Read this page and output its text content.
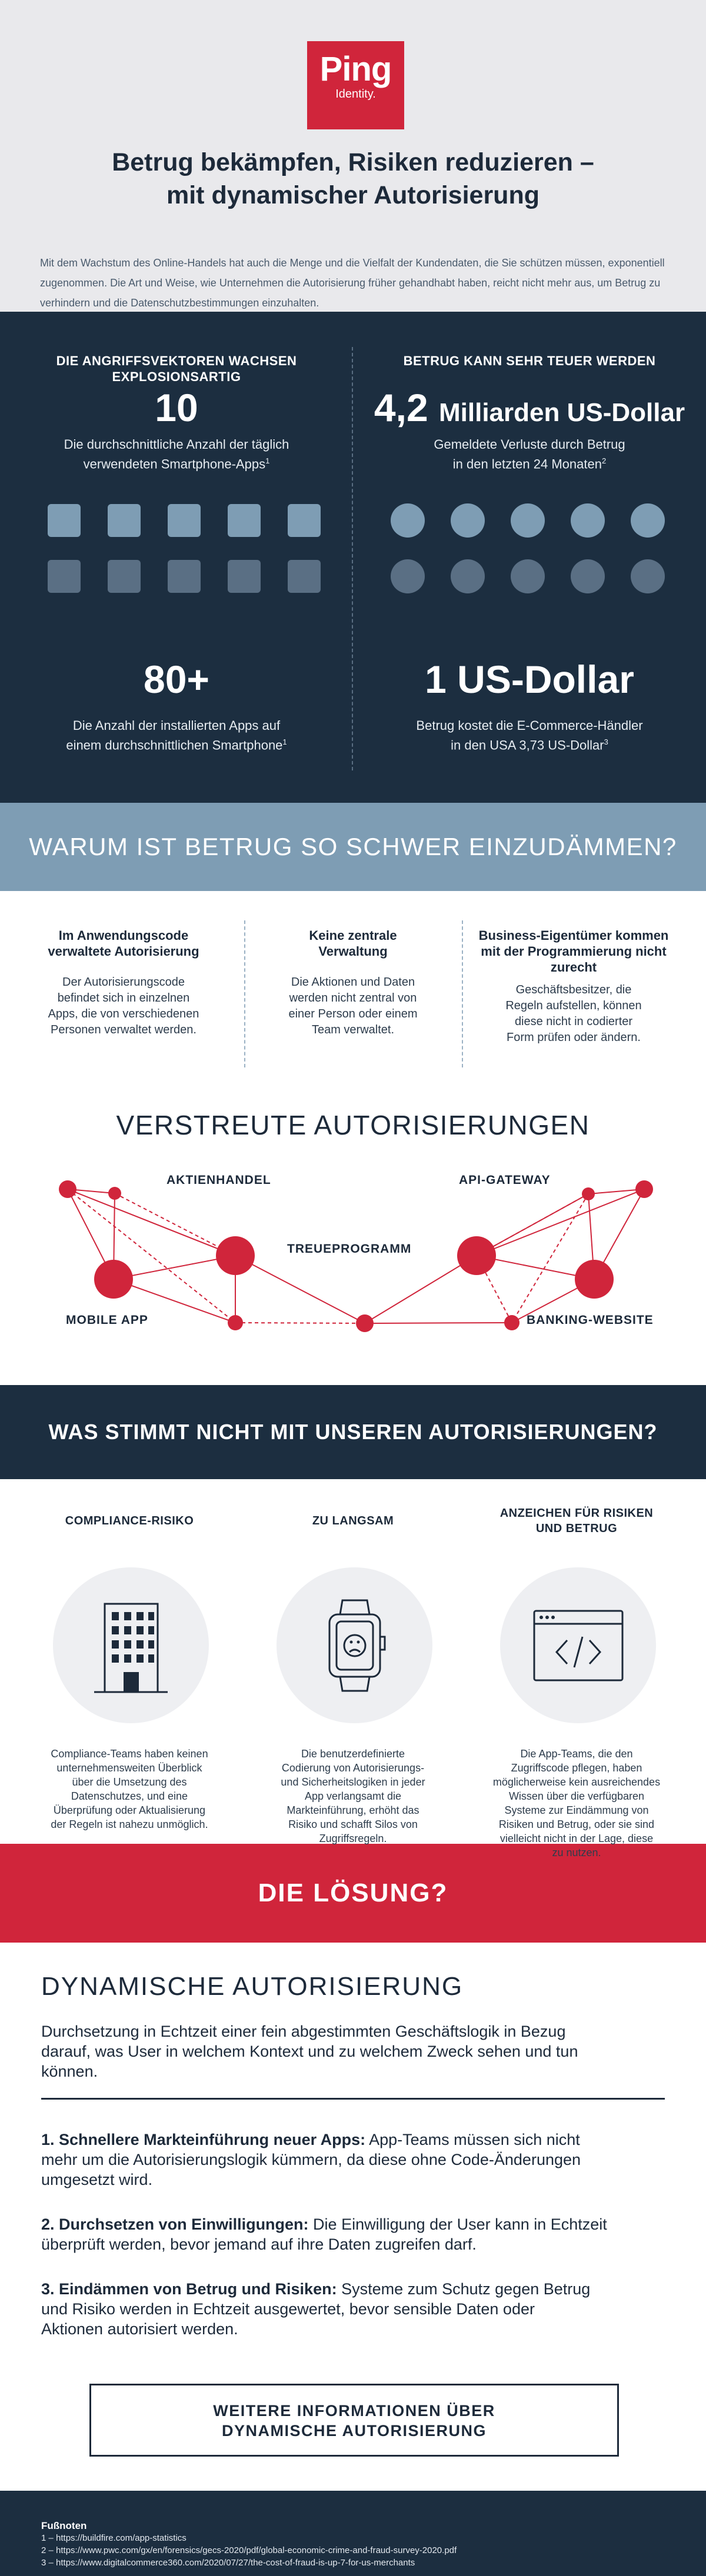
Ping
Identity.
Betrug bekämpfen, Risiken reduzieren –
mit dynamischer Autorisierung

Mit dem Wachstum des Online-Handels hat auch die Menge und die Vielfalt der Kundendaten, die Sie schützen müssen, exponentiell zugenommen. Die Art und Weise, wie Unternehmen die Autorisierung früher gehandhabt haben, reicht nicht mehr aus, um Betrug zu verhindern und die Datenschutzbestimmungen einzuhalten.

DIE ANGRIFFSVEKTOREN WACHSEN
EXPLOSIONSARTIG
10
Die durchschnittliche Anzahl der täglich
verwendeten Smartphone-Apps$^1$
80+
Die Anzahl der installierten Apps auf
einem durchschnittlichen Smartphone$^1$
BETRUG KANN SEHR TEUER WERDEN
4,2 Milliarden US-Dollar
Gemeldete Verluste durch Betrug
in den letzten 24 Monaten$^2$
1 US-Dollar
Betrug kostet die E-Commerce-Händler
in den USA 3,73 US-Dollar$^3$
WARUM IST BETRUG SO SCHWER EINZUDÄMMEN?
Im Anwendungscode
verwaltete Autorisierung

Der Autorisierungscode
befindet sich in einzelnen
Apps, die von verschiedenen
Personen verwaltet werden.

Keine zentrale
Verwaltung

Die Aktionen und Daten
werden nicht zentral von
einer Person oder einem
Team verwaltet.

Business-Eigentümer kommen
mit der Programmierung nicht
zurecht

Geschäftsbesitzer, die
Regeln aufstellen, können
diese nicht in codierter
Form prüfen oder ändern.

VERSTREUTE AUTORISIERUNGEN
AKTIENHANDEL	API-GATEWAY
TREUEPROGRAMM
MOBILE APP	BANKING-WEBSITE
WAS STIMMT NICHT MIT UNSEREN AUTORISIERUNGEN?
COMPLIANCE-RISIKO

Compliance-Teams haben keinen
unternehmensweiten Überblick
über die Umsetzung des
Datenschutzes, und eine
Überprüfung oder Aktualisierung
der Regeln ist nahezu unmöglich.

ZU LANGSAM

Die benutzerdefinierte
Codierung von Autorisierungs-
und Sicherheitslogiken in jeder
App verlangsamt die
Markteinführung, erhöht das
Risiko und schafft Silos von
Zugriffsregeln.

ANZEICHEN FÜR RISIKEN
UND BETRUG

Die App-Teams, die den
Zugriffscode pflegen, haben
möglicherweise kein ausreichendes
Wissen über die verfügbaren
Systeme zur Eindämmung von
Risiken und Betrug, oder sie sind
vielleicht nicht in der Lage, diese
zu nutzen.

DIE LÖSUNG?
DYNAMISCHE AUTORISIERUNG
Durchsetzung in Echtzeit einer fein abgestimmten Geschäftslogik in Bezug
darauf, was User in welchem Kontext und zu welchem Zweck sehen und tun
können.
1. Schnellere Markteinführung neuer Apps: App-Teams müssen sich nicht
mehr um die Autorisierungslogik kümmern, da diese ohne Code-Änderungen
umgesetzt wird.
2. Durchsetzen von Einwilligungen: Die Einwilligung der User kann in Echtzeit
überprüft werden, bevor jemand auf ihre Daten zugreifen darf.
3. Eindämmen von Betrug und Risiken: Systeme zum Schutz gegen Betrug
und Risiko werden in Echtzeit ausgewertet, bevor sensible Daten oder
Aktionen autorisiert werden.
WEITERE INFORMATIONEN ÜBER
DYNAMISCHE AUTORISIERUNG
Fußnoten
1 – https://buildfire.com/app-statistics
2 – https://www.pwc.com/gx/en/forensics/gecs-2020/pdf/global-economic-crime-and-fraud-survey-2020.pdf
3 – https://www.digitalcommerce360.com/2020/07/27/the-cost-of-fraud-is-up-7-for-us-merchants
